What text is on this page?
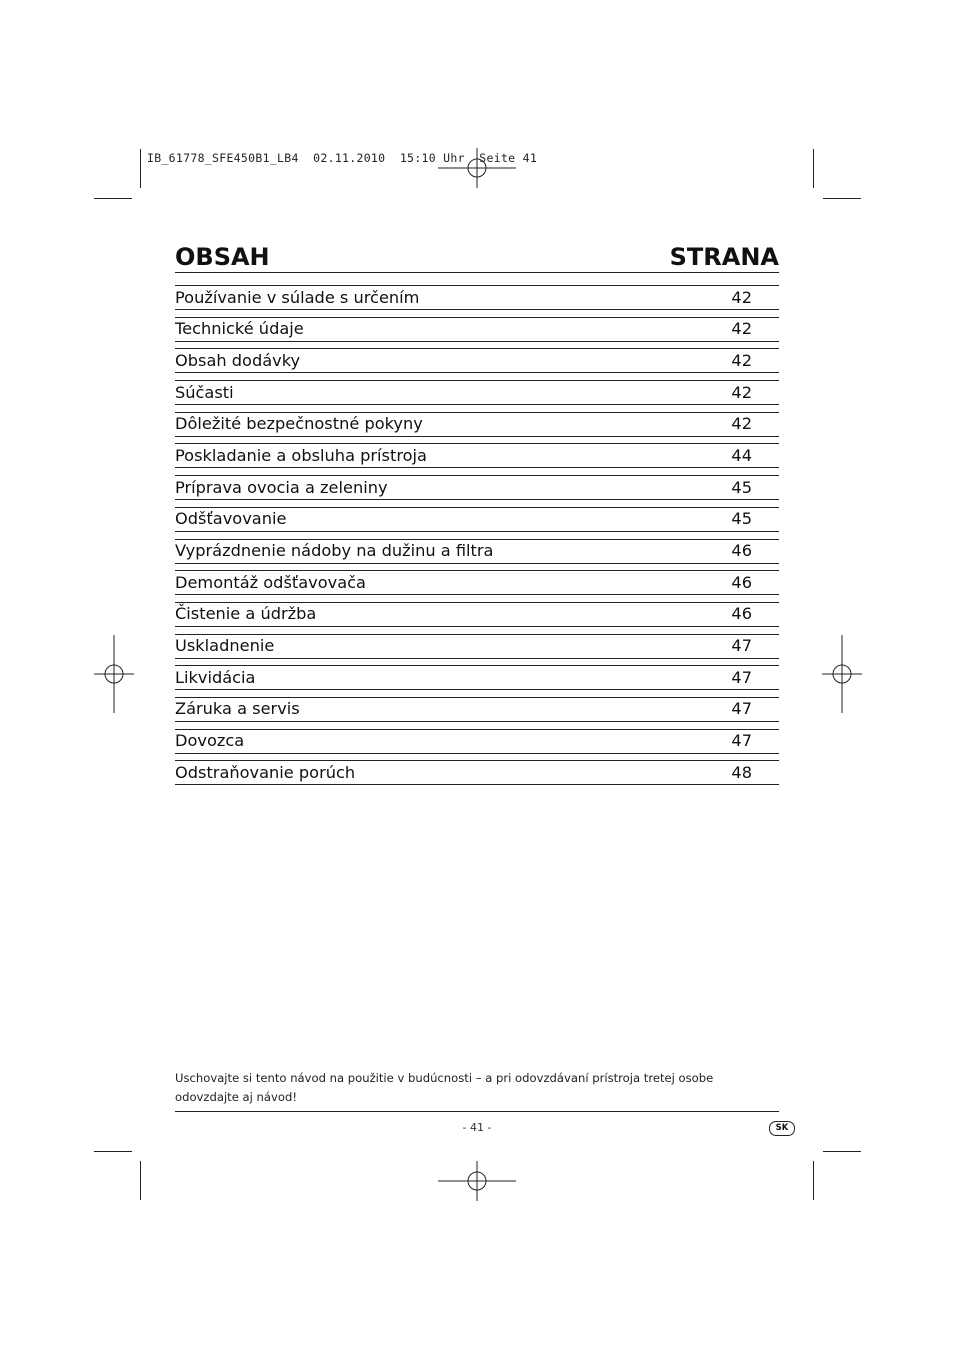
IB_61778_SFE450B1_LB4  02.11.2010  15:10 Uhr  Seite 41
OBSAH	STRANA
Používanie v súlade s určením	42
Technické údaje	42
Obsah dodávky	42
Súčasti	42
Dôležité bezpečnostné pokyny	42
Poskladanie a obsluha prístroja	44
Príprava ovocia a zeleniny	45
Odšťavovanie	45
Vyprázdnenie nádoby na dužinu a filtra	46
Demontáž odšťavovača	46
Čistenie a údržba	46
Uskladnenie	47
Likvidácia	47
Záruka a servis	47
Dovozca	47
Odstraňovanie porúch	48
Uschovajte si tento návod na použitie v budúcnosti – a pri odovzdávaní prístroja tretej osobe odovzdajte aj návod!
- 41 -	SK
